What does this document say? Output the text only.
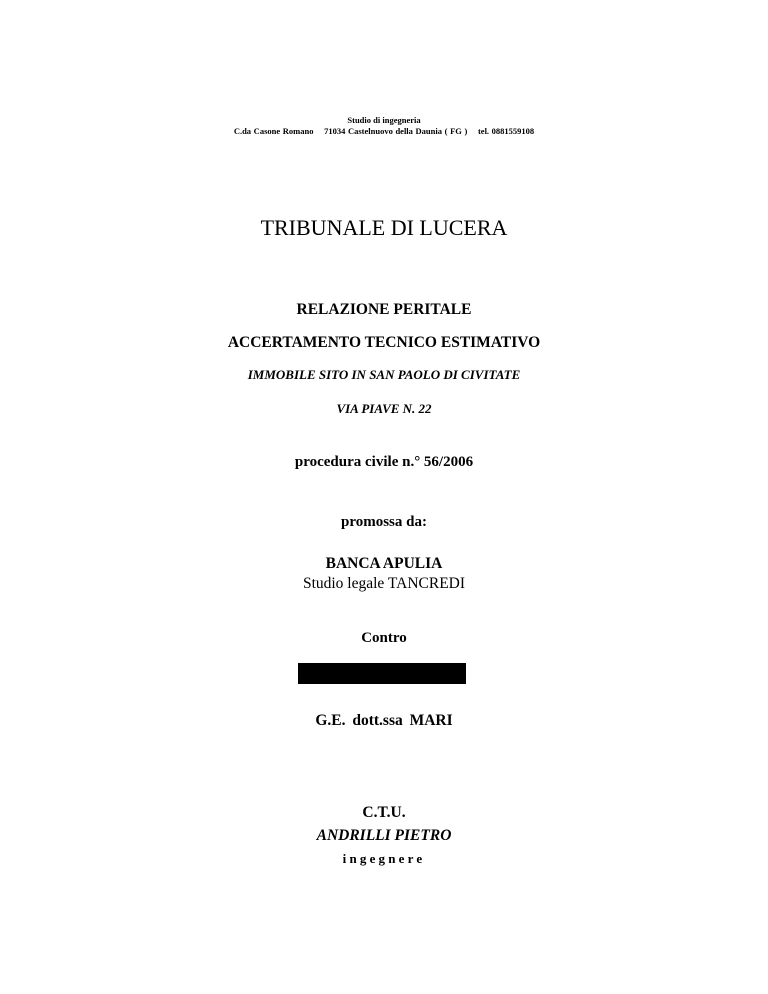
Studio di ingegneria
C.da Casone Romano 71034 Castelnuovo della Daunia ( FG ) tel. 0881559108
TRIBUNALE DI LUCERA
RELAZIONE PERITALE
ACCERTAMENTO TECNICO ESTIMATIVO
IMMOBILE SITO IN SAN PAOLO DI CIVITATE
VIA PIAVE N. 22
procedura civile n.° 56/2006
promossa da:
BANCA APULIA
Studio legale TANCREDI
Contro
G.E. dott.ssa MARI
C.T.U.
ANDRILLI PIETRO
ingegnere
